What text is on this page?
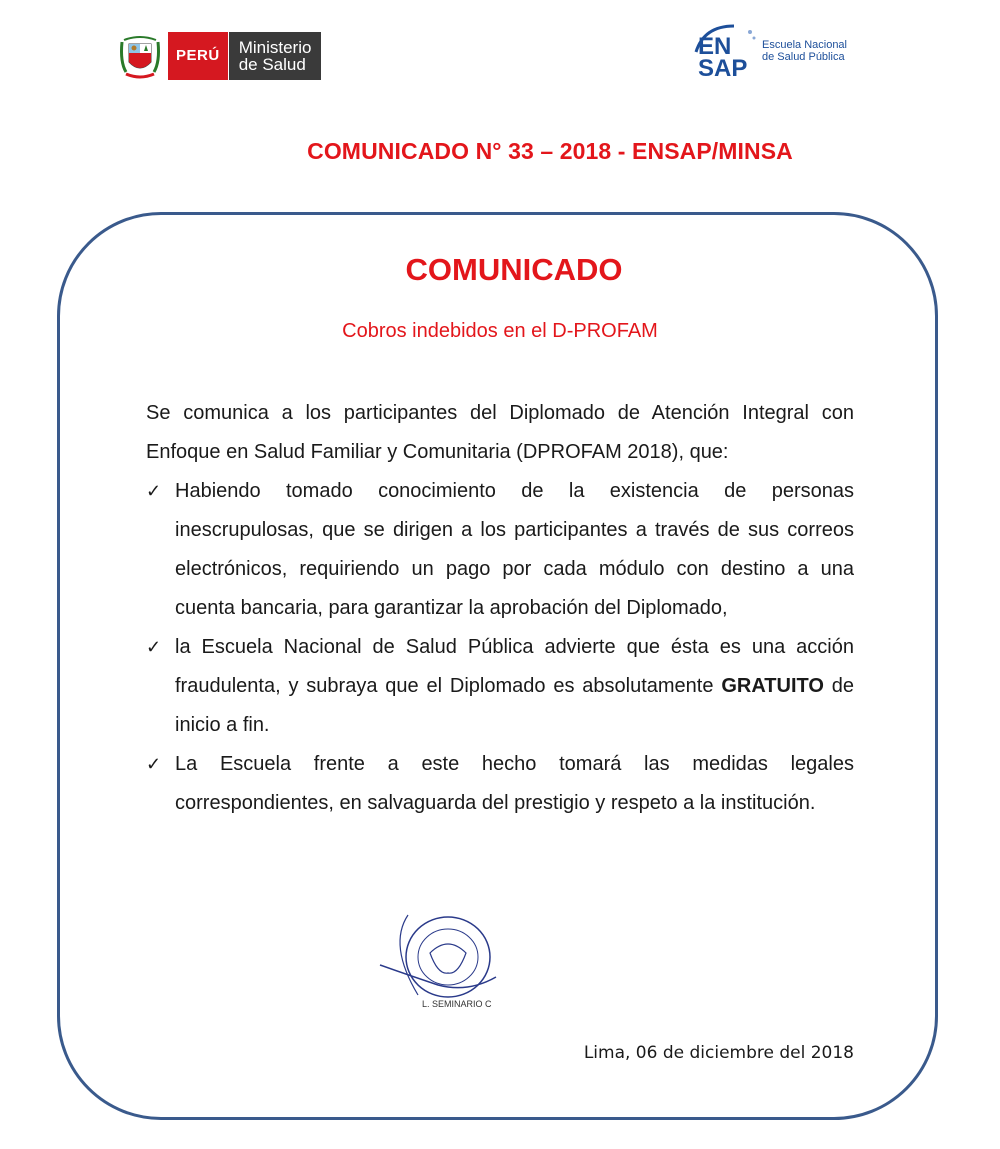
PERÚ	Ministerio
de Salud
EN
SAP
Escuela Nacional
de Salud Pública
COMUNICADO N° 33 – 2018 - ENSAP/MINSA
COMUNICADO
Cobros indebidos en el D-PROFAM

Se comunica a los participantes del Diplomado de Atención Integral con Enfoque en Salud Familiar y Comunitaria (DPROFAM 2018), que:

✓ Habiendo tomado conocimiento de la existencia de personas inescrupulosas, que se dirigen a los participantes a través de sus correos electrónicos, requiriendo un pago por cada módulo con destino a una cuenta bancaria, para garantizar la aprobación del Diplomado,
✓ la Escuela Nacional de Salud Pública advierte que ésta es una acción fraudulenta, y subraya que el Diplomado es absolutamente GRATUITO de inicio a fin.
✓ La Escuela frente a este hecho tomará las medidas legales correspondientes, en salvaguarda del prestigio y respeto a la institución.
L. SEMINARIO C
Lima, 06 de diciembre del 2018
